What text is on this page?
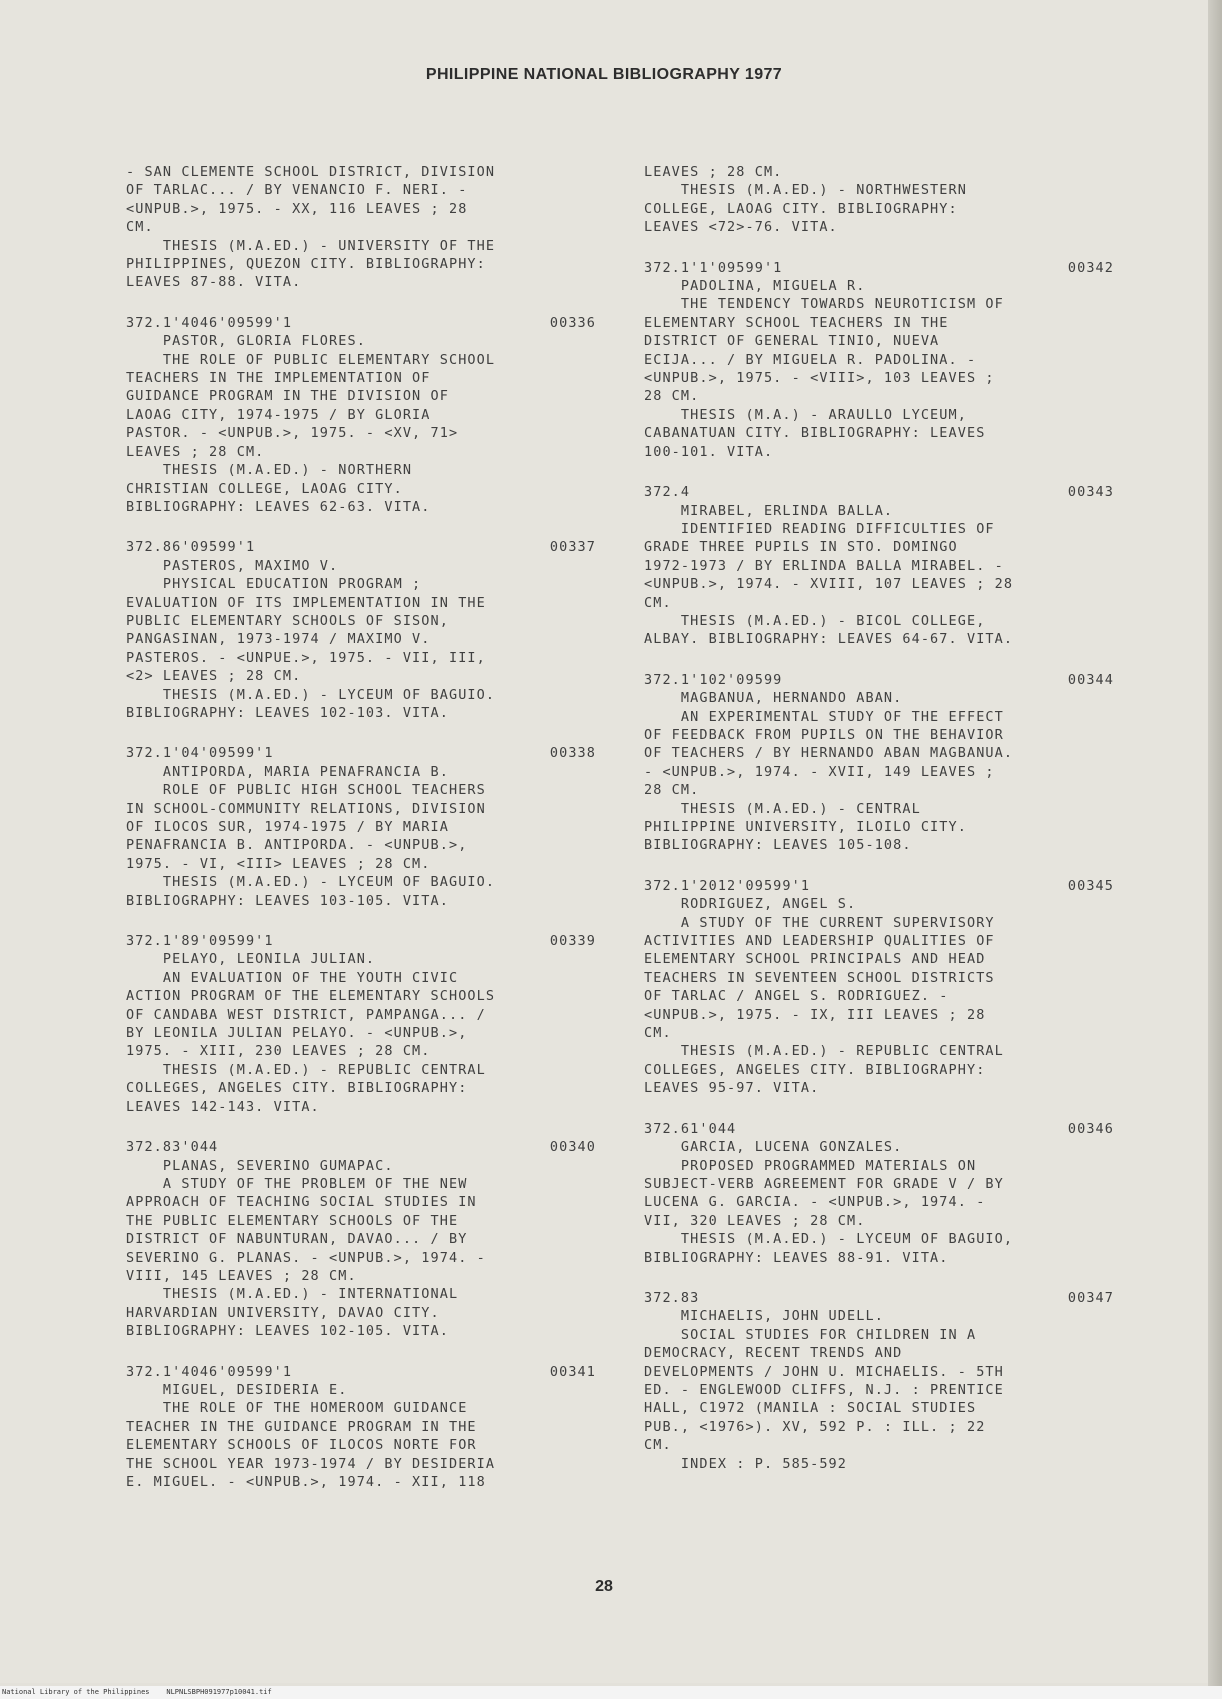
PHILIPPINE NATIONAL BIBLIOGRAPHY 1977
- SAN CLEMENTE SCHOOL DISTRICT, DIVISION
OF TARLAC... / BY VENANCIO F. NERI. -
<UNPUB.>, 1975. - XX, 116 LEAVES ; 28
CM.
THESIS (M.A.ED.) - UNIVERSITY OF THE
PHILIPPINES, QUEZON CITY. BIBLIOGRAPHY:
LEAVES 87-88. VITA.
372.1'4046'09599'1	00336
PASTOR, GLORIA FLORES.
THE ROLE OF PUBLIC ELEMENTARY SCHOOL
TEACHERS IN THE IMPLEMENTATION OF
GUIDANCE PROGRAM IN THE DIVISION OF
LAOAG CITY, 1974-1975 / BY GLORIA
PASTOR. - <UNPUB.>, 1975. - <XV, 71>
LEAVES ; 28 CM.
THESIS (M.A.ED.) - NORTHERN
CHRISTIAN COLLEGE, LAOAG CITY.
BIBLIOGRAPHY: LEAVES 62-63. VITA.
372.86'09599'1	00337
PASTEROS, MAXIMO V.
PHYSICAL EDUCATION PROGRAM ;
EVALUATION OF ITS IMPLEMENTATION IN THE
PUBLIC ELEMENTARY SCHOOLS OF SISON,
PANGASINAN, 1973-1974 / MAXIMO V.
PASTEROS. - <UNPUE.>, 1975. - VII, III,
<2> LEAVES ; 28 CM.
THESIS (M.A.ED.) - LYCEUM OF BAGUIO.
BIBLIOGRAPHY: LEAVES 102-103. VITA.
372.1'04'09599'1	00338
ANTIPORDA, MARIA PENAFRANCIA B.
ROLE OF PUBLIC HIGH SCHOOL TEACHERS
IN SCHOOL-COMMUNITY RELATIONS, DIVISION
OF ILOCOS SUR, 1974-1975 / BY MARIA
PENAFRANCIA B. ANTIPORDA. - <UNPUB.>,
1975. - VI, <III> LEAVES ; 28 CM.
THESIS (M.A.ED.) - LYCEUM OF BAGUIO.
BIBLIOGRAPHY: LEAVES 103-105. VITA.
372.1'89'09599'1	00339
PELAYO, LEONILA JULIAN.
AN EVALUATION OF THE YOUTH CIVIC
ACTION PROGRAM OF THE ELEMENTARY SCHOOLS
OF CANDABA WEST DISTRICT, PAMPANGA... /
BY LEONILA JULIAN PELAYO. - <UNPUB.>,
1975. - XIII, 230 LEAVES ; 28 CM.
THESIS (M.A.ED.) - REPUBLIC CENTRAL
COLLEGES, ANGELES CITY. BIBLIOGRAPHY:
LEAVES 142-143. VITA.
372.83'044	00340
PLANAS, SEVERINO GUMAPAC.
A STUDY OF THE PROBLEM OF THE NEW
APPROACH OF TEACHING SOCIAL STUDIES IN
THE PUBLIC ELEMENTARY SCHOOLS OF THE
DISTRICT OF NABUNTURAN, DAVAO... / BY
SEVERINO G. PLANAS. - <UNPUB.>, 1974. -
VIII, 145 LEAVES ; 28 CM.
THESIS (M.A.ED.) - INTERNATIONAL
HARVARDIAN UNIVERSITY, DAVAO CITY.
BIBLIOGRAPHY: LEAVES 102-105. VITA.
372.1'4046'09599'1	00341
MIGUEL, DESIDERIA E.
THE ROLE OF THE HOMEROOM GUIDANCE
TEACHER IN THE GUIDANCE PROGRAM IN THE
ELEMENTARY SCHOOLS OF ILOCOS NORTE FOR
THE SCHOOL YEAR 1973-1974 / BY DESIDERIA
E. MIGUEL. - <UNPUB.>, 1974. - XII, 118
LEAVES ; 28 CM.
THESIS (M.A.ED.) - NORTHWESTERN
COLLEGE, LAOAG CITY. BIBLIOGRAPHY:
LEAVES <72>-76. VITA.
372.1'1'09599'1	00342
PADOLINA, MIGUELA R.
THE TENDENCY TOWARDS NEUROTICISM OF
ELEMENTARY SCHOOL TEACHERS IN THE
DISTRICT OF GENERAL TINIO, NUEVA
ECIJA... / BY MIGUELA R. PADOLINA. -
<UNPUB.>, 1975. - <VIII>, 103 LEAVES ;
28 CM.
THESIS (M.A.) - ARAULLO LYCEUM,
CABANATUAN CITY. BIBLIOGRAPHY: LEAVES
100-101. VITA.
372.4	00343
MIRABEL, ERLINDA BALLA.
IDENTIFIED READING DIFFICULTIES OF
GRADE THREE PUPILS IN STO. DOMINGO
1972-1973 / BY ERLINDA BALLA MIRABEL. -
<UNPUB.>, 1974. - XVIII, 107 LEAVES ; 28
CM.
THESIS (M.A.ED.) - BICOL COLLEGE,
ALBAY. BIBLIOGRAPHY: LEAVES 64-67. VITA.
372.1'102'09599	00344
MAGBANUA, HERNANDO ABAN.
AN EXPERIMENTAL STUDY OF THE EFFECT
OF FEEDBACK FROM PUPILS ON THE BEHAVIOR
OF TEACHERS / BY HERNANDO ABAN MAGBANUA.
- <UNPUB.>, 1974. - XVII, 149 LEAVES ;
28 CM.
THESIS (M.A.ED.) - CENTRAL
PHILIPPINE UNIVERSITY, ILOILO CITY.
BIBLIOGRAPHY: LEAVES 105-108.
372.1'2012'09599'1	00345
RODRIGUEZ, ANGEL S.
A STUDY OF THE CURRENT SUPERVISORY
ACTIVITIES AND LEADERSHIP QUALITIES OF
ELEMENTARY SCHOOL PRINCIPALS AND HEAD
TEACHERS IN SEVENTEEN SCHOOL DISTRICTS
OF TARLAC / ANGEL S. RODRIGUEZ. -
<UNPUB.>, 1975. - IX, III LEAVES ; 28
CM.
THESIS (M.A.ED.) - REPUBLIC CENTRAL
COLLEGES, ANGELES CITY. BIBLIOGRAPHY:
LEAVES 95-97. VITA.
372.61'044	00346
GARCIA, LUCENA GONZALES.
PROPOSED PROGRAMMED MATERIALS ON
SUBJECT-VERB AGREEMENT FOR GRADE V / BY
LUCENA G. GARCIA. - <UNPUB.>, 1974. -
VII, 320 LEAVES ; 28 CM.
THESIS (M.A.ED.) - LYCEUM OF BAGUIO,
BIBLIOGRAPHY: LEAVES 88-91. VITA.
372.83	00347
MICHAELIS, JOHN UDELL.
SOCIAL STUDIES FOR CHILDREN IN A
DEMOCRACY, RECENT TRENDS AND
DEVELOPMENTS / JOHN U. MICHAELIS. - 5TH
ED. - ENGLEWOOD CLIFFS, N.J. : PRENTICE
HALL, C1972 (MANILA : SOCIAL STUDIES
PUB., <1976>). XV, 592 P. : ILL. ; 22
CM.
INDEX : P. 585-592
28
National Library of the Philippines    NLPNLSBPH091977p10041.tif
